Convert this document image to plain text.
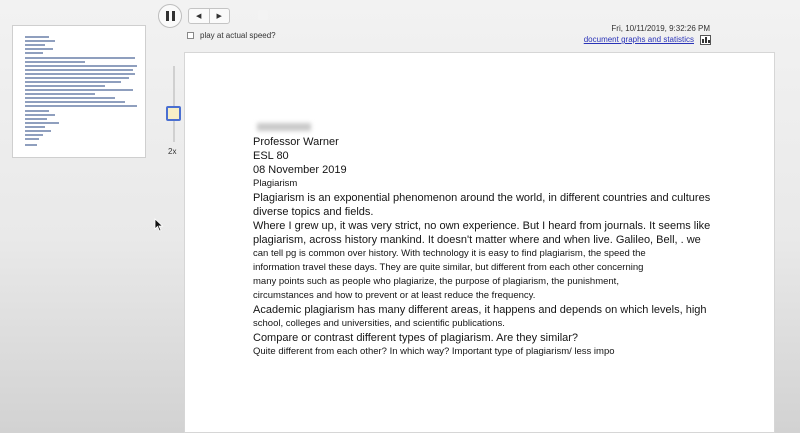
◀ ▶
play at actual speed?
Fri, 10/11/2019, 9:32:26 PM
document graphs and statistics
2x
Professor Warner
ESL 80
08 November 2019
Plagiarism
Plagiarism is an exponential phenomenon around the world, in different countries and cultures
diverse topics and fields.
Where I grew up, it was very strict, no own experience. But I heard from journals. It seems like
plagiarism, across history mankind. It doesn't matter where and when live. Galileo, Bell, . we
can tell pg is common over history. With technology it is easy to find plagiarism, the speed the
information travel these days. They are quite similar, but different from each other concerning
many points such as people who plagiarize, the purpose of plagiarism, the punishment,
circumstances and how to prevent or at least reduce the frequency.
Academic plagiarism has many different areas, it happens and depends on which levels, high
school, colleges and universities, and scientific publications.
Compare or contrast different types of plagiarism. Are they similar?
Quite different from each other? In which way? Important type of plagiarism/ less impo
